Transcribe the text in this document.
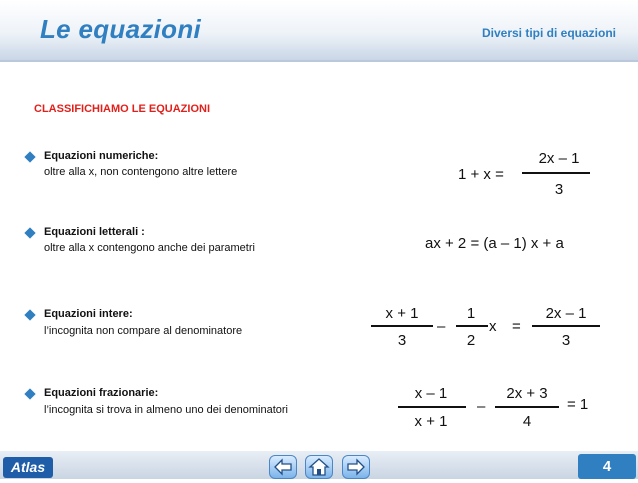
Le equazioni	Diversi tipi di equazioni
CLASSIFICHIAMO LE EQUAZIONI
Equazioni numeriche:
oltre alla x, non contengono altre lettere
Equazioni letterali :
oltre alla x contengono anche dei parametri
Equazioni intere:
l’incognita non compare al denominatore
Equazioni frazionarie:
l’incognita si trova in almeno uno dei denominatori
1 + x =
2x – 1
3
ax + 2 = (a – 1) x + a
x + 1
3
–
1
2
x =
2x – 1
3
x – 1
x + 1
–
2x + 3
4
= 1
Atlas	4
